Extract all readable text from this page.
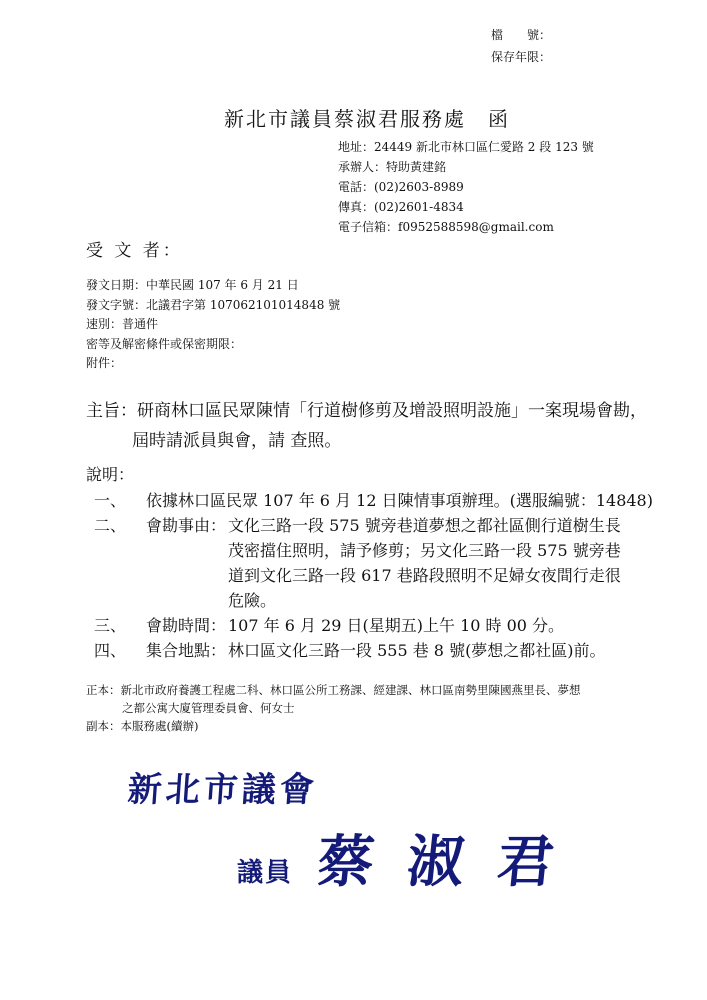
檔　　號：
保存年限：
新北市議員蔡淑君服務處　函
地址：24449 新北市林口區仁愛路 2 段 123 號
承辦人：特助黃建銘
電話：(02)2603-8989
傳真：(02)2601-4834
電子信箱：f0952588598@gmail.com
受 文 者：
發文日期：中華民國 107 年 6 月 21 日
發文字號：北議君字第 107062101014848 號
速別：普通件
密等及解密條件或保密期限：
附件：
主旨：研商林口區民眾陳情「行道樹修剪及增設照明設施」一案現場會勘，
屆時請派員與會，請 查照。
說明：
一、 依據林口區民眾 107 年 6 月 12 日陳情事項辦理。(選服編號：14848)
二、 會勘事由： 文化三路一段 575 號旁巷道夢想之都社區側行道樹生長
茂密擋住照明，請予修剪；另文化三路一段 575 號旁巷
道到文化三路一段 617 巷路段照明不足婦女夜間行走很
危險。
三、 會勘時間： 107 年 6 月 29 日(星期五)上午 10 時 00 分。
四、 集合地點： 林口區文化三路一段 555 巷 8 號(夢想之都社區)前。
正本：新北市政府養護工程處二科、林口區公所工務課、經建課、林口區南勢里陳國燕里長、夢想
之都公寓大廈管理委員會、何女士
副本：本服務處(續辦)
新北市議會
議員 蔡淑君
